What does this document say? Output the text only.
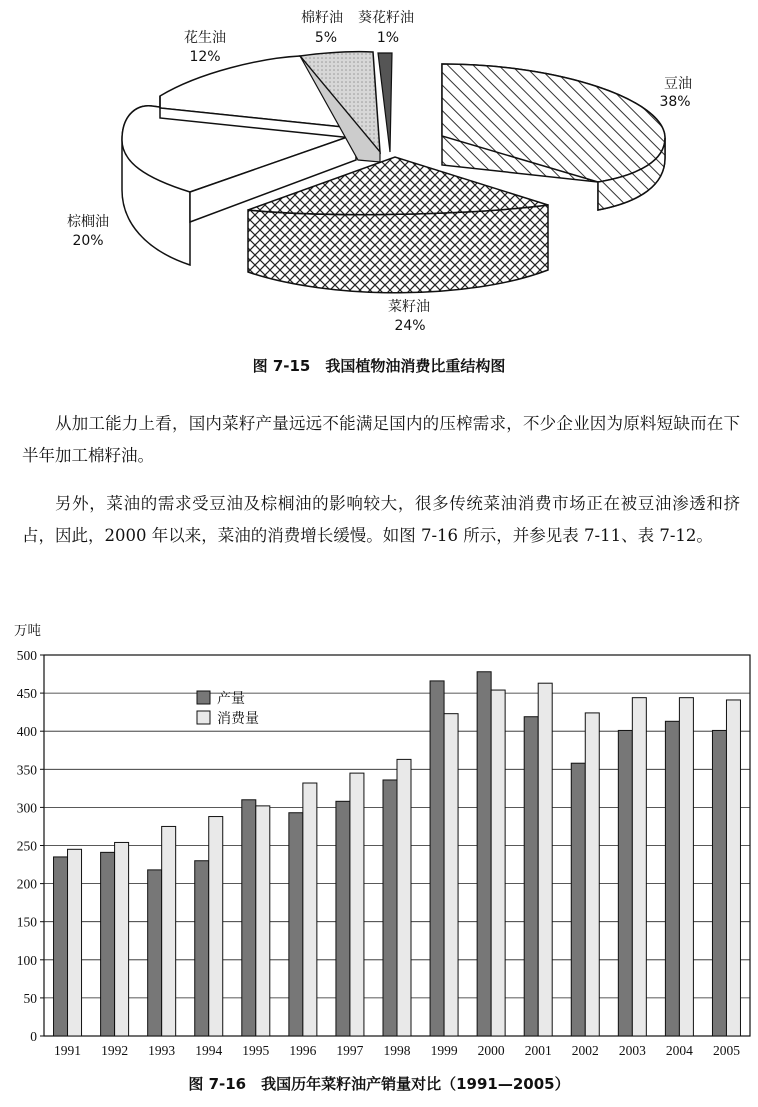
豆油
38%
菜籽油
24%
棕榈油
20%
花生油
12%
棉籽油
5%
葵花籽油
1%
图 7-15　我国植物油消费比重结构图

从加工能力上看，国内菜籽产量远远不能满足国内的压榨需求，不少企业因为原料短缺而在下半年加工棉籽油。

另外，菜油的需求受豆油及棕榈油的影响较大，很多传统菜油消费市场正在被豆油渗透和挤占，因此，2000 年以来，菜油的消费增长缓慢。如图 7-16 所示，并参见表 7-11、表 7-12。

0
50
100
150
200
250
300
350
400
450
500
万吨
1991 1992 1993 1994 1995 1996 1997 1998 1999 2000 2001 2002 2003 2004 2005
产量
消费量
图 7-16　我国历年菜籽油产销量对比（1991—2005）
